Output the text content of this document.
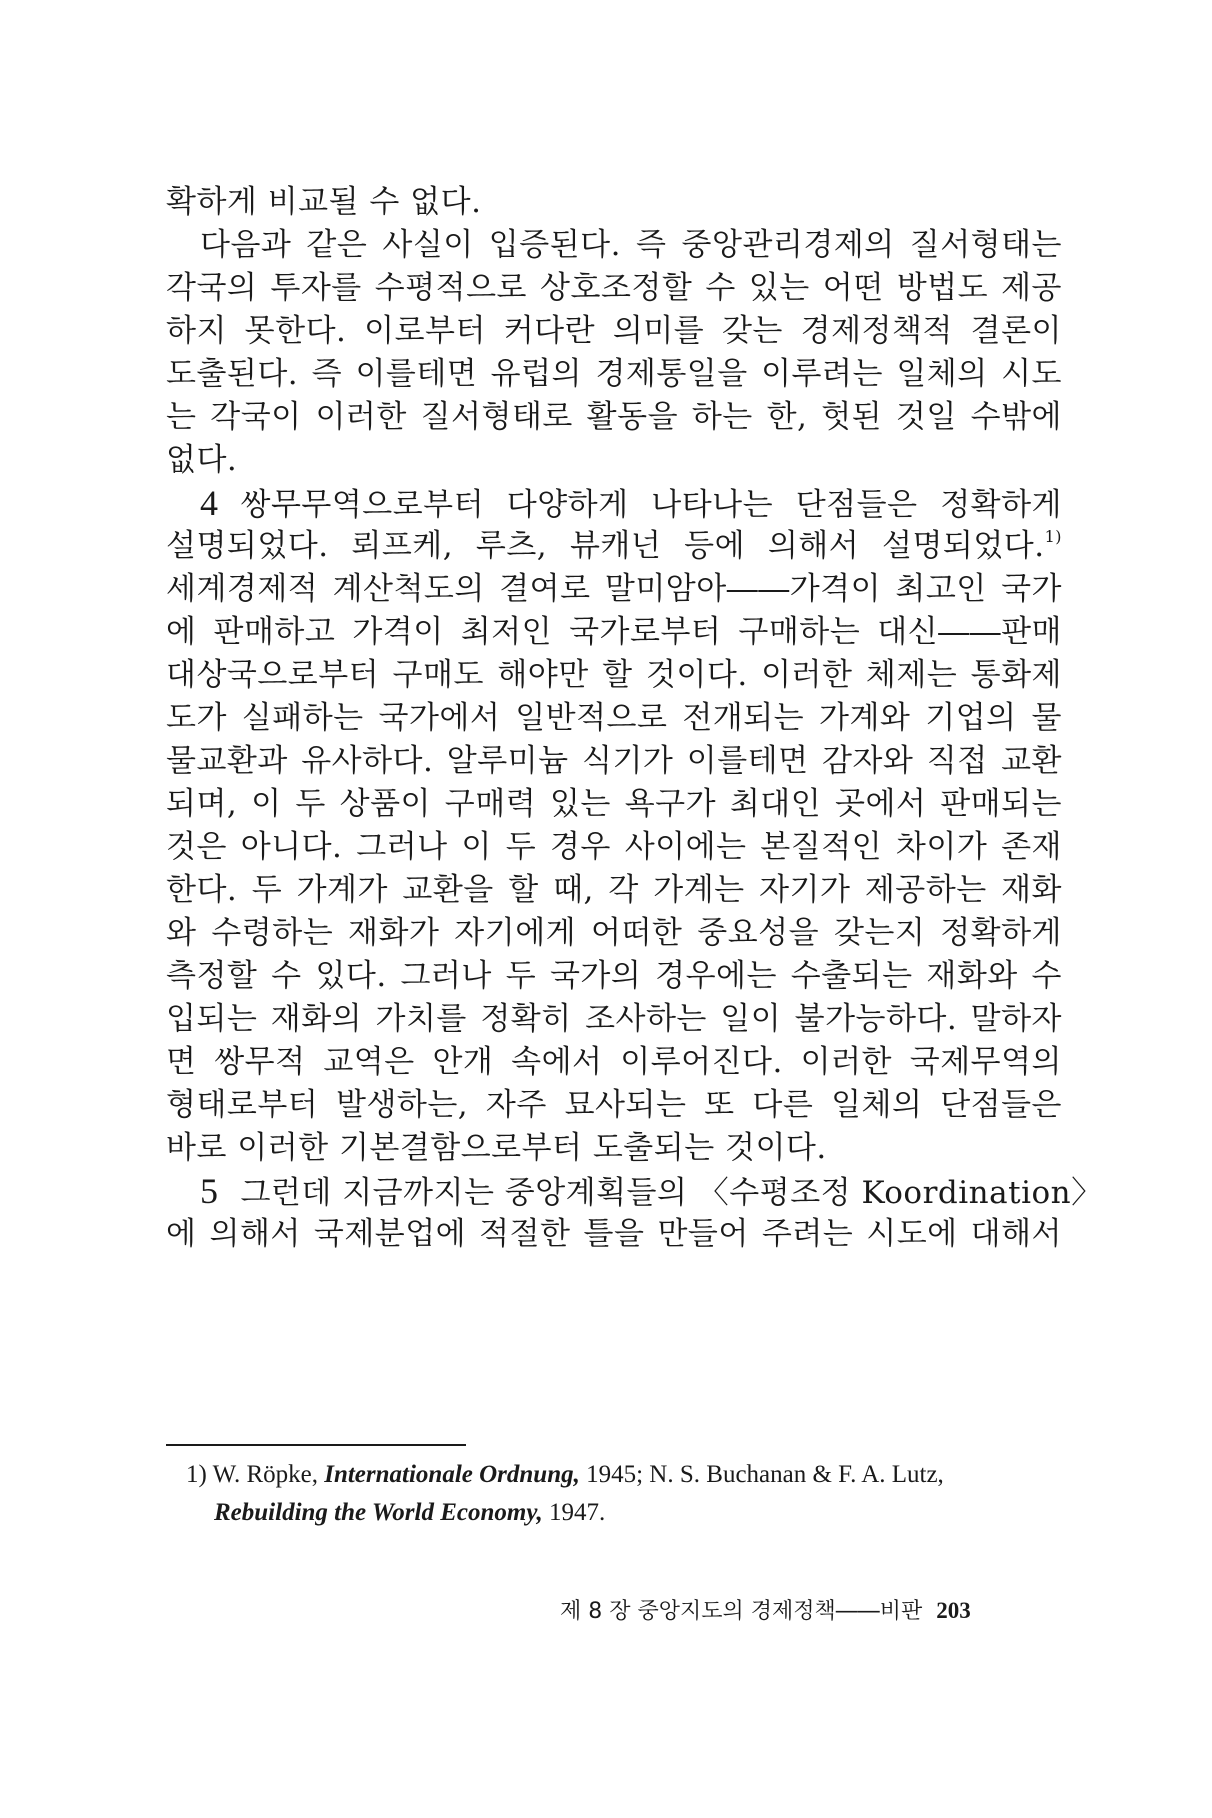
확하게 비교될 수 없다.
다음과 같은 사실이 입증된다. 즉 중앙관리경제의 질서형태는
각국의 투자를 수평적으로 상호조정할 수 있는 어떤 방법도 제공
하지 못한다. 이로부터 커다란 의미를 갖는 경제정책적 결론이
도출된다. 즉 이를테면 유럽의 경제통일을 이루려는 일체의 시도
는 각국이 이러한 질서형태로 활동을 하는 한, 헛된 것일 수밖에
없다.
4 쌍무무역으로부터 다양하게 나타나는 단점들은 정확하게
설명되었다. 뢰프케, 루츠, 뷰캐넌 등에 의해서 설명되었다.$^{1)}$
세계경제적 계산척도의 결여로 말미암아――가격이 최고인 국가
에 판매하고 가격이 최저인 국가로부터 구매하는 대신――판매
대상국으로부터 구매도 해야만 할 것이다. 이러한 체제는 통화제
도가 실패하는 국가에서 일반적으로 전개되는 가계와 기업의 물
물교환과 유사하다. 알루미늄 식기가 이를테면 감자와 직접 교환
되며, 이 두 상품이 구매력 있는 욕구가 최대인 곳에서 판매되는
것은 아니다. 그러나 이 두 경우 사이에는 본질적인 차이가 존재
한다. 두 가계가 교환을 할 때, 각 가계는 자기가 제공하는 재화
와 수령하는 재화가 자기에게 어떠한 중요성을 갖는지 정확하게
측정할 수 있다. 그러나 두 국가의 경우에는 수출되는 재화와 수
입되는 재화의 가치를 정확히 조사하는 일이 불가능하다. 말하자
면 쌍무적 교역은 안개 속에서 이루어진다. 이러한 국제무역의
형태로부터 발생하는, 자주 묘사되는 또 다른 일체의 단점들은
바로 이러한 기본결함으로부터 도출되는 것이다.
5 그런데 지금까지는 중앙계획들의 〈수평조정 Koordination〉
에 의해서 국제분업에 적절한 틀을 만들어 주려는 시도에 대해서
1) W. Röpke, Internationale Ordnung, 1945; N. S. Buchanan & F. A. Lutz,
Rebuilding the World Economy, 1947.
제 8 장 중앙지도의 경제정책――비판 203
